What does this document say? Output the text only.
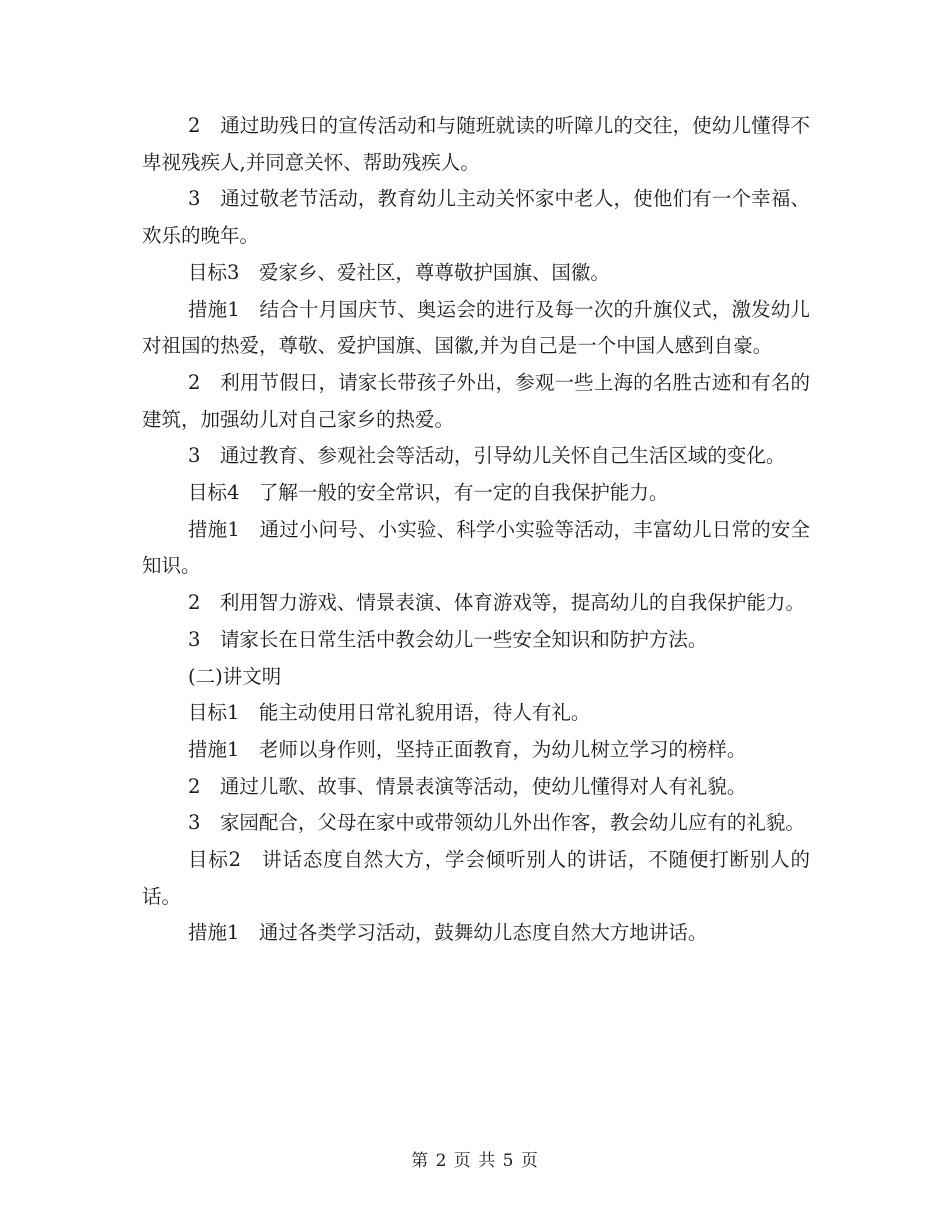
2　通过助残日的宣传活动和与随班就读的听障儿的交往，使幼儿懂得不卑视残疾人,并同意关怀、帮助残疾人。

3　通过敬老节活动，教育幼儿主动关怀家中老人，使他们有一个幸福、欢乐的晚年。

目标3　爱家乡、爱社区，尊尊敬护国旗、国徽。

措施1　结合十月国庆节、奥运会的进行及每一次的升旗仪式，激发幼儿对祖国的热爱，尊敬、爱护国旗、国徽,并为自己是一个中国人感到自豪。

2　利用节假日，请家长带孩子外出，参观一些上海的名胜古迹和有名的建筑，加强幼儿对自己家乡的热爱。

3　通过教育、参观社会等活动，引导幼儿关怀自己生活区域的变化。

目标4　了解一般的安全常识，有一定的自我保护能力。

措施1　通过小问号、小实验、科学小实验等活动，丰富幼儿日常的安全知识。

2　利用智力游戏、情景表演、体育游戏等，提高幼儿的自我保护能力。

3　请家长在日常生活中教会幼儿一些安全知识和防护方法。

(二)讲文明

目标1　能主动使用日常礼貌用语，待人有礼。

措施1　老师以身作则，坚持正面教育，为幼儿树立学习的榜样。

2　通过儿歌、故事、情景表演等活动，使幼儿懂得对人有礼貌。

3　家园配合，父母在家中或带领幼儿外出作客，教会幼儿应有的礼貌。

目标2　讲话态度自然大方，学会倾听别人的讲话，不随便打断别人的话。

措施1　通过各类学习活动，鼓舞幼儿态度自然大方地讲话。

第 2 页 共 5 页
